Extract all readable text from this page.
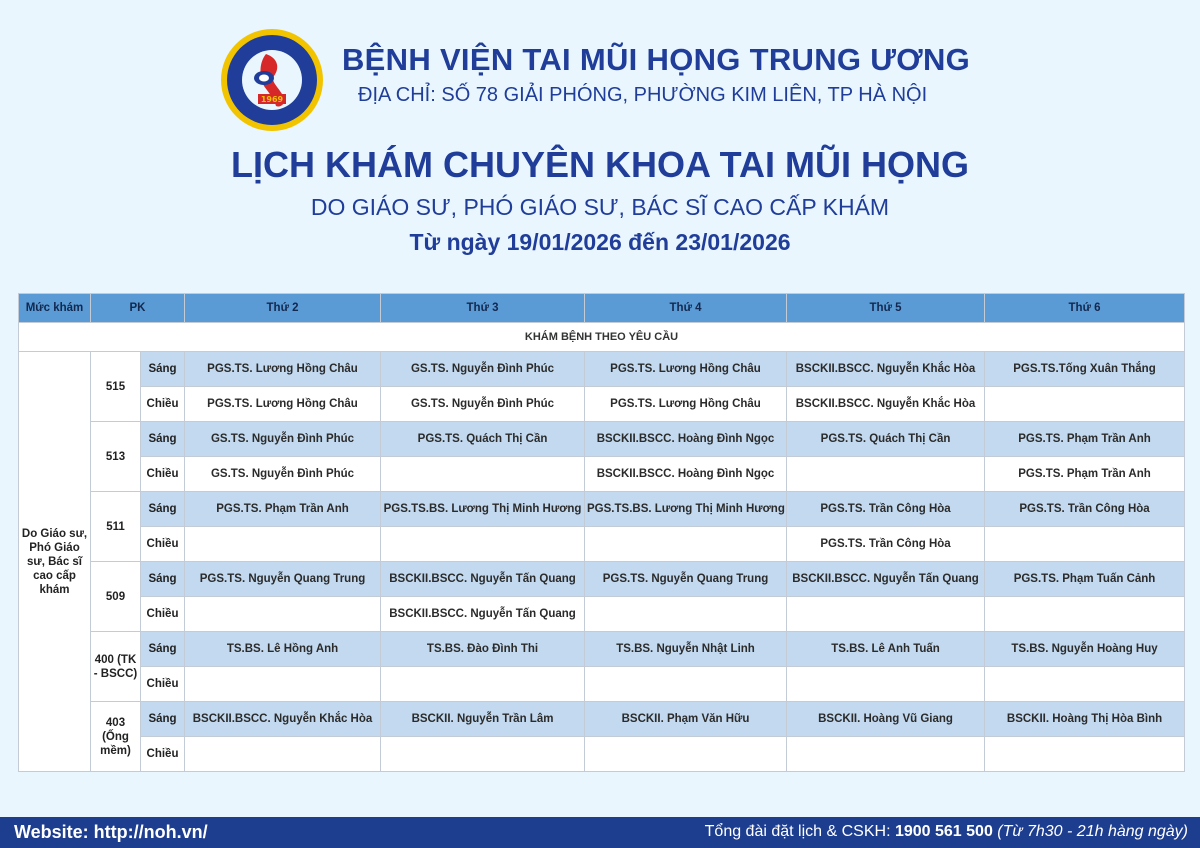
1969
BỆNH VIỆN TAI MŨI HỌNG TRUNG ƯƠNG
ĐỊA CHỈ: SỐ 78 GIẢI PHÓNG, PHƯỜNG KIM LIÊN, TP HÀ NỘI
LỊCH KHÁM CHUYÊN KHOA TAI MŨI HỌNG
DO GIÁO SƯ, PHÓ GIÁO SƯ, BÁC SĨ CAO CẤP KHÁM
Từ ngày 19/01/2026 đến 23/01/2026
Mức khám	PK		Thứ 2	Thứ 3	Thứ 4	Thứ 5	Thứ 6
KHÁM BỆNH THEO YÊU CẦU							
Do Giáo sư, Phó Giáo sư, Bác sĩ cao cấp khám	515	Sáng	PGS.TS. Lương Hồng Châu	GS.TS. Nguyễn Đình Phúc	PGS.TS. Lương Hồng Châu	BSCKII.BSCC. Nguyễn Khắc Hòa	PGS.TS.Tống Xuân Thắng
		Chiều	PGS.TS. Lương Hồng Châu	GS.TS. Nguyễn Đình Phúc	PGS.TS. Lương Hồng Châu	BSCKII.BSCC. Nguyễn Khắc Hòa	
	513	Sáng	GS.TS. Nguyễn Đình Phúc	PGS.TS. Quách Thị Cần	BSCKII.BSCC. Hoàng Đình Ngọc	PGS.TS. Quách Thị Cần	PGS.TS. Phạm Trần Anh
		Chiều	GS.TS. Nguyễn Đình Phúc		BSCKII.BSCC. Hoàng Đình Ngọc		PGS.TS. Phạm Trần Anh
	511	Sáng	PGS.TS. Phạm Trần Anh	PGS.TS.BS. Lương Thị Minh Hương	PGS.TS.BS. Lương Thị Minh Hương	PGS.TS. Trần Công Hòa	PGS.TS. Trần Công Hòa
		Chiều				PGS.TS. Trần Công Hòa	
	509	Sáng	PGS.TS. Nguyễn Quang Trung	BSCKII.BSCC. Nguyễn Tấn Quang	PGS.TS. Nguyễn Quang Trung	BSCKII.BSCC. Nguyễn Tấn Quang	PGS.TS. Phạm Tuấn Cảnh
		Chiều		BSCKII.BSCC. Nguyễn Tấn Quang			
	400 (TK - BSCC)	Sáng	TS.BS. Lê Hồng Anh	TS.BS. Đào Đình Thi	TS.BS. Nguyễn Nhật Linh	TS.BS. Lê Anh Tuấn	TS.BS. Nguyễn Hoàng Huy
		Chiều					
	403 (Ống mềm)	Sáng	BSCKII.BSCC. Nguyễn Khắc Hòa	BSCKII. Nguyễn Trần Lâm	BSCKII. Phạm Văn Hữu	BSCKII. Hoàng Vũ Giang	BSCKII. Hoàng Thị Hòa Bình
		Chiều					
Website: http://noh.vn/	Tổng đài đặt lịch & CSKH: 1900 561 500 (Từ 7h30 - 21h hàng ngày)
